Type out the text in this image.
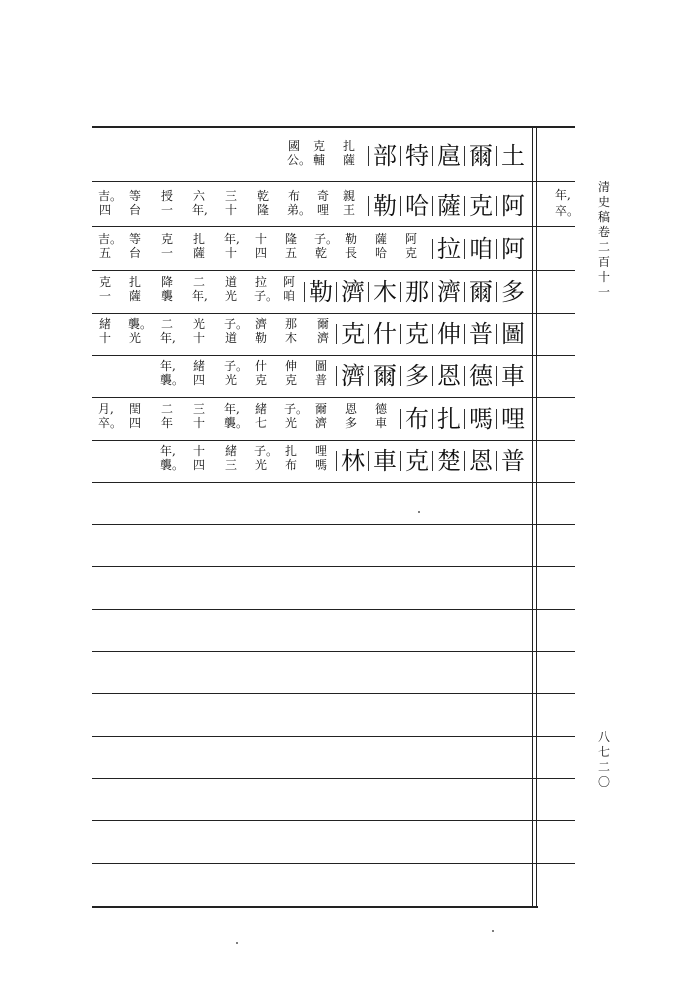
清
史
稿
卷
二
百
十
一
八
七
二
〇
年,
卒。
土
爾
扈
特
部
扎
薩
克
輔
國
公。
阿
克
薩
哈
勒
親
王
奇
哩
布
弟。
乾
隆
三
十
六
年,
授
一
等
台
吉。
四
阿
咱
拉
阿
克
薩
哈
勒
長
子。
乾
隆
五
十
四
年,
十
扎
薩
克
一
等
台
吉。
五
多
爾
濟
那
木
濟
勒
阿
咱
拉
子。
道
光
二
年,
降
襲
扎
薩
克
一
圖
普
伸
克
什
克
爾
濟
那
木
濟
勒
子。
道
光
十
二
年,
襲。
光
緒
十
車
德
恩
多
爾
濟
圖
普
伸
克
什
克
子。
光
緒
四
年,
襲。
哩
嗎
扎
布
德
車
恩
多
爾
濟
子。
光
緒
七
年,
襲。
三
十
二
年
閏
四
月,
卒。
普
恩
楚
克
車
林
哩
嗎
扎
布
子。
光
緒
三
十
四
年,
襲。
